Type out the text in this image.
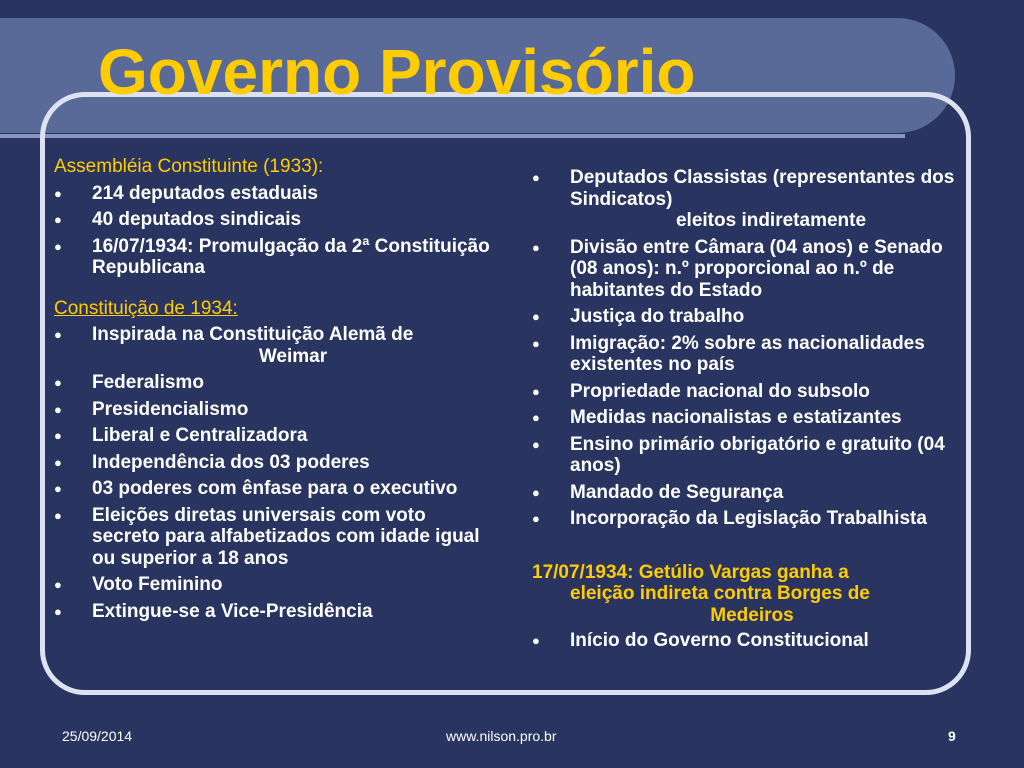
Governo Provisório
Assembléia Constituinte (1933):
● 214 deputados estaduais
● 40 deputados sindicais
● 16/07/1934: Promulgação da 2ª Constituição Republicana
Constituição de 1934:
● Inspirada na Constituição Alemã de
Weimar
● Federalismo
● Presidencialismo
● Liberal e Centralizadora
● Independência dos 03 poderes
● 03 poderes com ênfase para o executivo
● Eleições diretas universais com voto secreto para alfabetizados com idade igual ou superior a 18 anos
● Voto Feminino
● Extingue-se a Vice-Presidência
● Deputados Classistas (representantes dos Sindicatos)
eleitos indiretamente
● Divisão entre Câmara (04 anos) e Senado (08 anos): n.º proporcional ao n.º de habitantes do Estado
● Justiça do trabalho
● Imigração: 2% sobre as nacionalidades existentes no país
● Propriedade nacional do subsolo
● Medidas nacionalistas e estatizantes
● Ensino primário obrigatório e gratuito (04 anos)
● Mandado de Segurança
● Incorporação da Legislação Trabalhista
17/07/1934: Getúlio Vargas ganha a
eleição indireta contra Borges de
Medeiros
● Início do Governo Constitucional
25/09/2014	www.nilson.pro.br	9
